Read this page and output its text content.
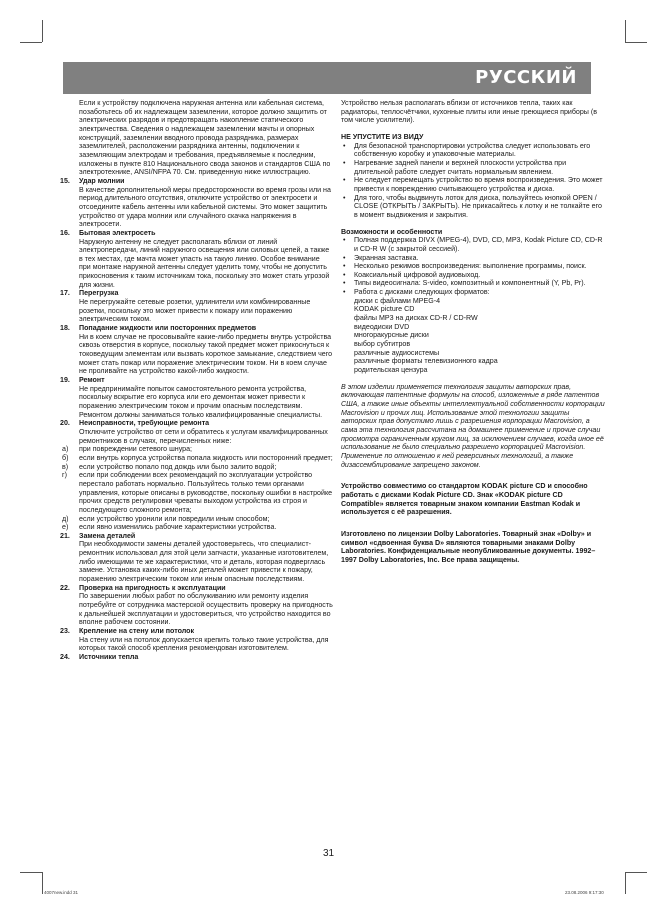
РУССКИЙ

Если к устройству подключена наружная антенна или кабельная система, позаботьтесь об их надлежащем заземлении, которое должно защитить от электрических разрядов и предотвращать накопление статического электричества. Сведения о надлежащем заземлении мачты и опорных конструкций, заземлении вводного провода разрядника, размерах заземлителей, расположении разрядника антенны, подключении к заземляющим электродам и требования, предъявляемые к последним, изложены в пункте 810 Национального свода законов и стандартов США по электротехнике, ANSI/NFPA 70. См. приведенную ниже иллюстрацию.

15. Удар молнии

В качестве дополнительной меры предосторожности во время грозы или на период длительного отсутствия, отключите устройство от электросети и отсоедините кабель антенны или кабельной системы. Это может защитить устройство от удара молнии или случайного скачка напряжения в электросети.

16. Бытовая электросеть

Наружную антенну не следует располагать вблизи от линий электропередачи, линий наружного освещения или силовых цепей, а также в тех местах, где мачта может упасть на такую линию. Особое внимание при монтаже наружной антенны следует уделить тому, чтобы не допустить прикосновения к таким источникам тока, поскольку это может стать угрозой для жизни.

17. Перегрузка

Не перегружайте сетевые розетки, удлинители или комбинированные розетки, поскольку это может привести к пожару или поражению электрическим током.

18. Попадание жидкости или посторонних предметов

Ни в коем случае не просовывайте какие-либо предметы внутрь устройства сквозь отверстия в корпусе, поскольку такой предмет может прикоснуться к токоведущим элементам или вызвать короткое замыкание, следствием чего может стать пожар или поражение электрическим током. Ни в коем случае не проливайте на устройство какой-либо жидкости.

19. Ремонт

Не предпринимайте попыток самостоятельного ремонта устройства, поскольку вскрытие его корпуса или его демонтаж может привести к поражению электрическим током и прочим опасным последствиям. Ремонтом должны заниматься только квалифицированные специалисты.

20. Неисправности, требующие ремонта

Отключите устройство от сети и обратитесь к услугам квалифицированных ремонтников в случаях, перечисленных ниже:

а) при повреждении сетевого шнура;
б) если внутрь корпуса устройства попала жидкость или посторонний предмет;
в) если устройство попало под дождь или было залито водой;
г) если при соблюдении всех рекомендаций по эксплуатации устройство перестало работать нормально. Пользуйтесь только теми органами управления, которые описаны в руководстве, поскольку ошибки в настройке прочих средств регулировки чреваты выходом устройства из строя и последующего сложного ремонта;
д) если устройство уронили или повредили иным способом;
е) если явно изменились рабочие характеристики устройства.
21. Замена деталей

При необходимости замены деталей удостоверьтесь, что специалист-ремонтник использовал для этой цели запчасти, указанные изготовителем, либо имеющими те же характеристики, что и деталь, которая подверглась замене. Установка каких-либо иных деталей может привести к пожару, поражению электрическим током или иным опасным последствиям.

22. Проверка на пригодность к эксплуатации

По завершении любых работ по обслуживанию или ремонту изделия потребуйте от сотрудника мастерской осуществить проверку на пригодность к дальнейшей эксплуатации и удостовериться, что устройство находится во вполне рабочем состоянии.

23. Крепление на стену или потолок

На стену или на потолок допускается крепить только такие устройства, для которых такой способ крепления рекомендован изготовителем.

24. Источники тепла

Устройство нельзя располагать вблизи от источников тепла, таких как радиаторы, теплосчётчики, кухонные плиты или иные греющиеся приборы (в том числе усилители).

НЕ УПУСТИТЕ ИЗ ВИДУ
• Для безопасной транспортировки устройства следует использовать его собственную коробку и упаковочные материалы.
• Нагревание задней панели и верхней плоскости устройства при длительной работе следует считать нормальным явлением.
• Не следует перемещать устройство во время воспроизведения. Это может привести к повреждению считывающего устройства и диска.
• Для того, чтобы выдвинуть лоток для диска, пользуйтесь кнопкой OPEN / CLOSE (ОТКРЫТЬ / ЗАКРЫТЬ). Не прикасайтесь к лотку и не толкайте его в момент выдвижения и закрытия.
Возможности и особенности
• Полная поддержка DIVX (MPEG-4), DVD, CD, MP3, Kodak Picture CD, CD-R и CD-R W (с закрытой сессией).
• Экранная заставка.
• Несколько режимов воспроизведения: выполнение программы, поиск.
• Коаксиальный цифровой аудиовыход.
• Типы видеосигнала: S-video, композитный и компонентный (Y, Pb, Pr).
• Работа с дисками следующих форматов:
диски с файлами MPEG-4
KODAK picture CD
файлы MP3 на дисках CD-R / CD-RW
видеодиски DVD
многоракурсные диски
выбор субтитров
различные аудиосистемы
различные форматы телевизионного кадра
родительская цензура

В этом изделии применяется технология защиты авторских прав, включающая патентные формулы на способ, изложенные в ряде патентов США, а также иные объекты интеллектуальной собственности корпорации Macrovision и прочих лиц. Использование этой технологии защиты авторских прав допустимо лишь с разрешения корпорации Macrovision, а сама эта технология рассчитана на домашнее применение и прочие случаи просмотра ограниченным кругом лиц, за исключением случаев, когда иное её использование не было специально разрешено корпорацией Macrovision. Применение по отношению к ней реверсивных технологий, а также дизассемблирование запрещено законом.

Устройство совместимо со стандартом KODAK picture CD и способно работать с дисками Kodak Picture CD. Знак «KODAK picture CD Compatible» является товарным знаком компании Eastman Kodak и используется с её разрешения.

Изготовлено по лицензии Dolby Laboratories. Товарный знак «Dolby» и символ «сдвоенная буква D» являются товарными знаками Dolby Laboratories. Конфиденциальные неопубликованные документы. 1992–1997 Dolby Laboratories, Inc. Все права защищены.

31
4007new.indd 31	23.08.2006 9:17:30
